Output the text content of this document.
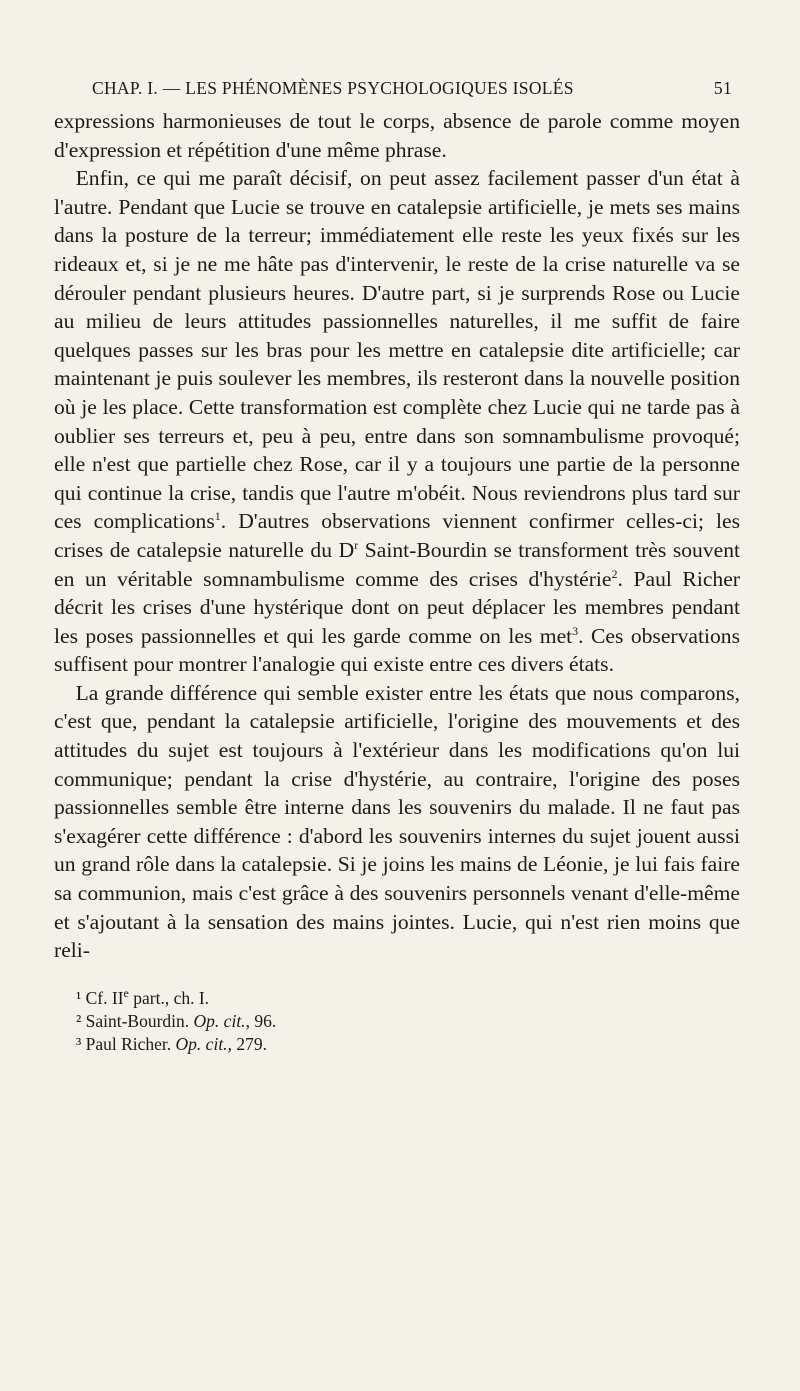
CHAP. I. — LES PHÉNOMÈNES PSYCHOLOGIQUES ISOLÉS	51

expressions harmonieuses de tout le corps, absence de parole comme moyen d'expression et répétition d'une même phrase.

Enfin, ce qui me paraît décisif, on peut assez facilement passer d'un état à l'autre. Pendant que Lucie se trouve en catalepsie artificielle, je mets ses mains dans la posture de la terreur; immédiatement elle reste les yeux fixés sur les rideaux et, si je ne me hâte pas d'intervenir, le reste de la crise naturelle va se dérouler pendant plusieurs heures. D'autre part, si je surprends Rose ou Lucie au milieu de leurs attitudes passionnelles naturelles, il me suffit de faire quelques passes sur les bras pour les mettre en catalepsie dite artificielle; car maintenant je puis soulever les membres, ils resteront dans la nouvelle position où je les place. Cette transformation est complète chez Lucie qui ne tarde pas à oublier ses terreurs et, peu à peu, entre dans son somnambulisme provoqué; elle n'est que partielle chez Rose, car il y a toujours une partie de la personne qui continue la crise, tandis que l'autre m'obéit. Nous reviendrons plus tard sur ces complications$^1$. D'autres observations viennent confirmer celles-ci; les crises de catalepsie naturelle du $D^r$ Saint-Bourdin se transforment très souvent en un véritable somnambulisme comme des crises d'hystérie$^2$. Paul Richer décrit les crises d'une hystérique dont on peut déplacer les membres pendant les poses passionnelles et qui les garde comme on les met$^3$. Ces observations suffisent pour montrer l'analogie qui existe entre ces divers états.

La grande différence qui semble exister entre les états que nous comparons, c'est que, pendant la catalepsie artificielle, l'origine des mouvements et des attitudes du sujet est toujours à l'extérieur dans les modifications qu'on lui communique; pendant la crise d'hystérie, au contraire, l'origine des poses passionnelles semble être interne dans les souvenirs du malade. Il ne faut pas s'exagérer cette différence : d'abord les souvenirs internes du sujet jouent aussi un grand rôle dans la catalepsie. Si je joins les mains de Léonie, je lui fais faire sa communion, mais c'est grâce à des souvenirs personnels venant d'elle-même et s'ajoutant à la sensation des mains jointes. Lucie, qui n'est rien moins que reli-

¹ Cf. IIe part., ch. I.
² Saint-Bourdin. Op. cit., 96.
³ Paul Richer. Op. cit., 279.
